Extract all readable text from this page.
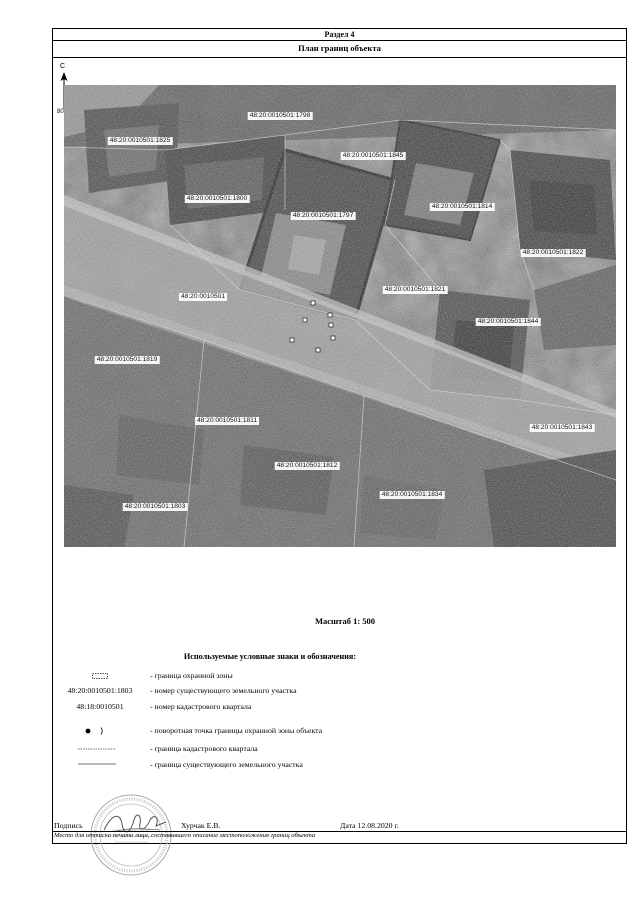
Раздел 4
План границ объекта
С
80
48:20:0010501:1825
48:20:0010501:1798
48:20:0010501:1845
48:20:0010501:1800
48:20:0010501:1797
48:20:0010501:1814
48:20:0010501:1822
48:20:0010501
48:20:0010501:1821
48:20:0010501:1844
48:20:0010501:1819
48:20:0010501:1811
48:20:0010501:1843
48:20:0010501:1812
48:20:0010501:1834
48:20:0010501:1803
Масштаб 1: 500
Используемые условные знаки и обозначения:
- граница охранной зоны
48:20:0010501:1803	- номер существующего земельного участка
48:18:0010501	- номер кадастрового квартала
- поворотная точка границы охранной зоны объекта
- граница кадастрового квартала
- граница существующего земельного участка
Подпись	Хурчак Е.В.	Дата 12.08.2020 г.
Место для оттиска печати лица, составившего описание местоположения границ объекта
